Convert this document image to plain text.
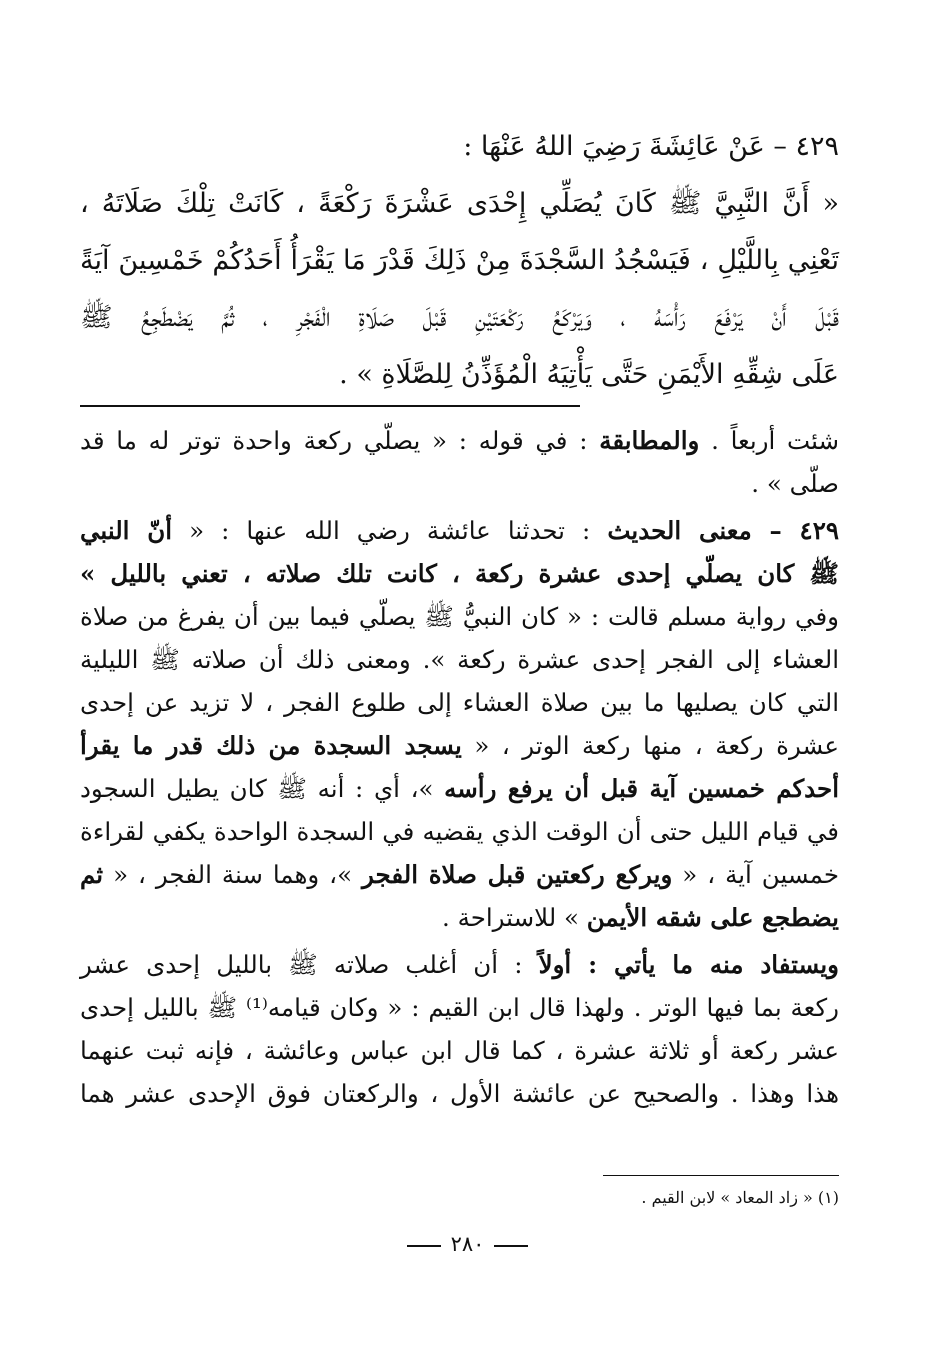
٤٢٩ – عَنْ عَائِشَةَ رَضِيَ اللهُ عَنْهَا :
« أَنَّ النَّبِيَّ ﷺ كَانَ يُصَلِّي إِحْدَى عَشْرَةَ رَكْعَةً ، كَانَتْ تِلْكَ صَلَاتَهُ ،
تَعْنِي بِاللَّيْلِ ، فَيَسْجُدُ السَّجْدَةَ مِنْ ذَلِكَ قَدْرَ مَا يَقْرَأُ أَحَدُكُمْ خَمْسِينَ آيَةً
قَبْلَ أَنْ يَرْفَعَ رَأْسَهُ ، وَيَرْكَعُ رَكْعَتَيْنِ قَبْلَ صَلَاةِ الْفَجْرِ ، ثُمَّ يَضْطَجِعُ ﷺ
عَلَى شِقِّهِ الأَيْمَنِ حَتَّى يَأْتِيَهُ الْمُؤَذِّنُ لِلصَّلَاةِ » .
شئت أربعاً . والمطابقة : في قوله : « يصلّي ركعة واحدة توتر له ما قد
صلّى » .
٤٢٩ – معنى الحديث : تحدثنا عائشة رضي الله عنها : « أنّ النبي
ﷺ كان يصلّي إحدى عشرة ركعة ، كانت تلك صلاته ، تعني بالليل »
وفي رواية مسلم قالت : « كان النبيُّ ﷺ يصلّي فيما بين أن يفرغ من صلاة
العشاء إلى الفجر إحدى عشرة ركعة ». ومعنى ذلك أن صلاته ﷺ الليلية
التي كان يصليها ما بين صلاة العشاء إلى طلوع الفجر ، لا تزيد عن إحدى
عشرة ركعة ، منها ركعة الوتر ، « يسجد السجدة من ذلك قدر ما يقرأ
أحدكم خمسين آية قبل أن يرفع رأسه »، أي : أنه ﷺ كان يطيل السجود
في قيام الليل حتى أن الوقت الذي يقضيه في السجدة الواحدة يكفي لقراءة
خمسين آية ، « ويركع ركعتين قبل صلاة الفجر »، وهما سنة الفجر ، « ثم
يضطجع على شقه الأيمن » للاستراحة .
ويستفاد منه ما يأتي : أولاً : أن أغلب صلاته ﷺ بالليل إحدى عشر
ركعة بما فيها الوتر . ولهذا قال ابن القيم : « وكان قيامه⁽¹⁾ ﷺ بالليل إحدى
عشر ركعة أو ثلاثة عشرة ، كما قال ابن عباس وعائشة ، فإنه ثبت عنهما
هذا وهذا . والصحيح عن عائشة الأول ، والركعتان فوق الإحدى عشر هما
(١) « زاد المعاد » لابن القيم .
٢٨٠
